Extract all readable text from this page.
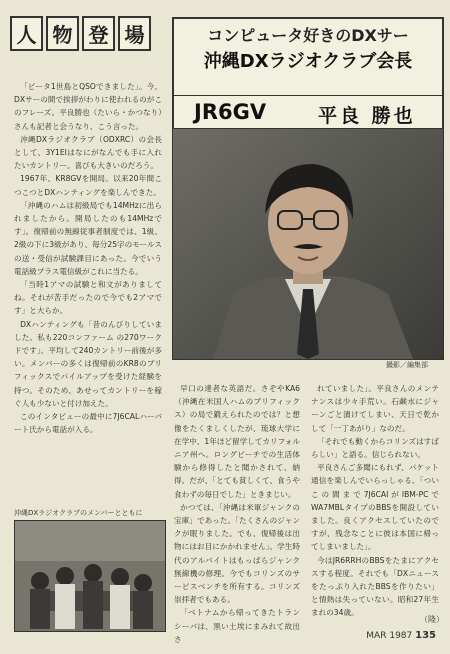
人 物 登 場	コンピュータ好きのDXサー
沖縄DXラジオクラブ会長
JR6GV	平良 勝也
撮影／編集部

「ピータ1世島とQSOできました」。今、DXサーの間で挨拶がわりに使われるのがこのフレーズ。平良勝也（たいら・かつなり）さんも記者と会うなり、こう言った。

沖縄DXラジオクラブ（ODXRC）の会長として、3Y1EIはなにがなんでも手に入れたいカントリー。喜びも大きいのだろう。

1967年、KR8GVを開局。以来20年間こつこつとDXハンティングを楽しんできた。

「沖縄のハムは初級局でも14MHzに出られましたから。開局したのも14MHzです」。復帰前の無線従事者制度では、1級、2級の下に3級があり、毎分25字のモールスの送・受信が試験課目にあった。今でいう電話級プラス電信級がこれに当たる。

「当時1アマの試験と和文がありましてね。それが苦手だったので今でも2アマです」と大らか。

DXハンティングも「昔のんびりしていました。私も220コンファーム の270ワークドです」。平均して240カントリー前後が多い。メンバーの多くは復帰前のKR8のブリフィックスでパイルアップを受けた経験を持つ。そのため、あせってカントリーを稼ぐ人も少ないと付け加えた。

このインタビューの最中に7J6CALハーバート氏から電話が入る。

沖縄DXラジオクラブのメンバーとともに

早口の達者な英語だ。さぞやKA6（沖縄在米国人ハムのブリフィックス）の局で鍛えられたのでは？と想像をたくましくしたが、琉球大学に在学中、1年ほど留学してカリフォルニア州へ。ロングビーチでの生活体験から修得したと聞かされて、納得。だが、「とても貧しくて、食うや食わずの毎日でした」ときまじい。

かつては、「沖縄は米軍ジャンクの宝庫」であった。「たくさんのジャンクが眠りました。でも、復帰後は出物にはお目にかかれません」。学生時代のアルバイトはもっぱらジャンク無線機の修理。今でもコリンズのサービスベンチを所有する。コリンズ崇拝者でもある。

「ベトナムから帰ってきたトランシーバは、黒い土埃にまみれて故出さ

れていました」。平良さんのメンテナンスは少々手荒い。石鹸水にジャーンごと漬けてしまい、天日で乾かして「一丁あがり」なのだ。

「それでも動くからコリンズはすばらしい」と語る。信じられない。

平良さんご多聞にもれず、パケット通信を楽しんでいらっしゃる。「ついこの間まで7J6CAIがIBM-PCでWA7MBLタイプのBBSを開設していました。良くアクセスしていたのですが、残念なことに彼は本国に帰ってしまいました」。

今はJR6RRHのBBSをたまにアクセスする程度。それでも「DXニュースをたっぷり入れたBBSを作りたい」と情熱は失っていない。昭和27年生まれの34歳。

（隆）
MAR 1987 135
